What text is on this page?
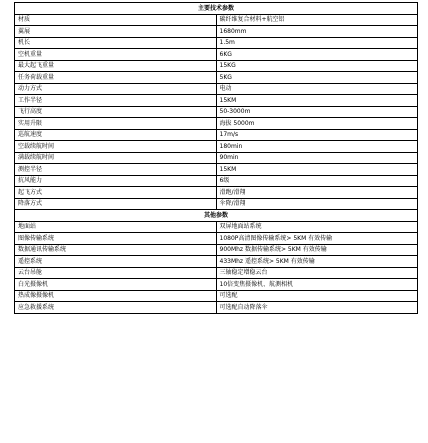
主要技术参数	
材质	碳纤维复合材料+航空铝
翼展	1680mm
机长	1.5m
空机重量	6KG
最大起飞重量	15KG
任务荷载重量	5KG
动力方式	电动
工作半径	15KM
飞行高度	50-3000m
实用升限	海拔 5000m
巡航速度	17m/s
空载续航时间	180min
满载续航时间	90min
测控半径	15KM
抗风能力	6级
起飞方式	滑跑/滑翔
降落方式	伞降/滑翔
其他参数	
地面站	双屏地面站系统
图像传输系统	1080P高清图像传输系统> 5KM 有效传输
数据通讯传输系统	900Mhz 数据传输系统> 5KM 有效传输
遥控系统	433Mhz 遥控系统> 5KM 有效传输
云台吊舱	三轴稳定增稳云台
白光摄像机	10倍变焦摄像机、航测相机
热成像摄像机	可选配
应急救援系统	可选配自动降落伞
